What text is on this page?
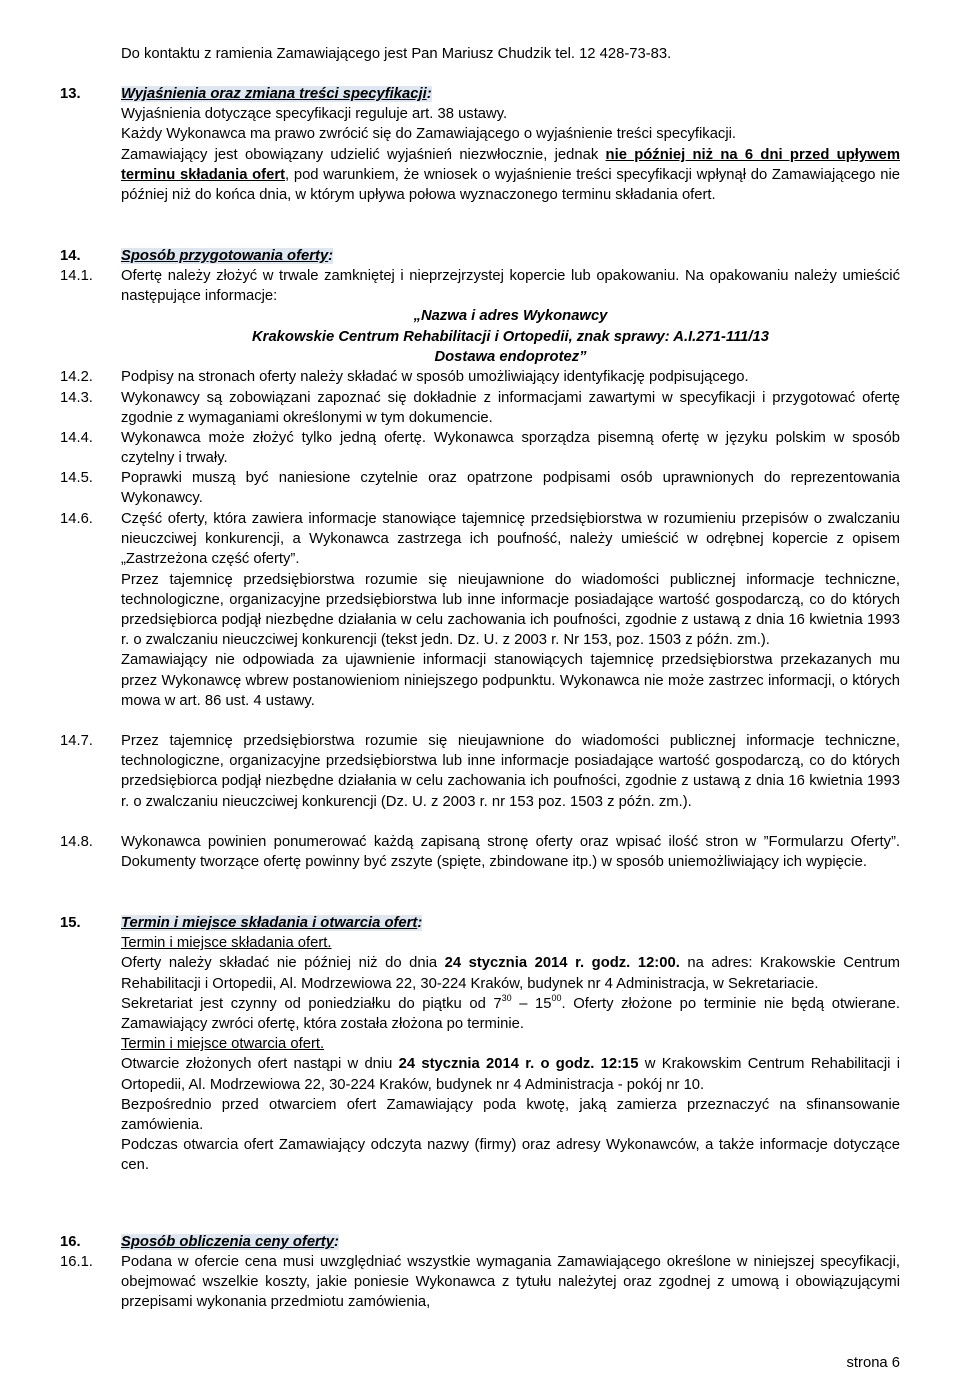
Do kontaktu z ramienia Zamawiającego jest Pan Mariusz Chudzik tel. 12 428-73-83.
13.	Wyjaśnienia oraz zmiana treści specyfikacji:

Wyjaśnienia dotyczące specyfikacji reguluje art. 38 ustawy.

Każdy Wykonawca ma prawo zwrócić się do Zamawiającego o wyjaśnienie treści specyfikacji.

Zamawiający jest obowiązany udzielić wyjaśnień niezwłocznie, jednak nie później niż na 6 dni przed upływem terminu składania ofert, pod warunkiem, że wniosek o wyjaśnienie treści specyfikacji wpłynął do Zamawiającego nie później niż do końca dnia, w którym upływa połowa wyznaczonego terminu składania ofert.

14.	Sposób przygotowania oferty:
14.1.	Ofertę należy złożyć w trwale zamkniętej i nieprzejrzystej kopercie lub opakowaniu. Na opakowaniu należy umieścić następujące informacje:

„Nazwa i adres Wykonawcy

Krakowskie Centrum Rehabilitacji i Ortopedii, znak sprawy: A.I.271-111/13

Dostawa endoprotez”

14.2.	Podpisy na stronach oferty należy składać w sposób umożliwiający identyfikację podpisującego.

14.3.	Wykonawcy są zobowiązani zapoznać się dokładnie z informacjami zawartymi w specyfikacji i przygotować ofertę zgodnie z wymaganiami określonymi w tym dokumencie.

14.4.	Wykonawca może złożyć tylko jedną ofertę. Wykonawca sporządza pisemną ofertę w języku polskim w sposób czytelny i trwały.

14.5.	Poprawki muszą być naniesione czytelnie oraz opatrzone podpisami osób uprawnionych do reprezentowania Wykonawcy.

14.6.	Część oferty, która zawiera informacje stanowiące tajemnicę przedsiębiorstwa w rozumieniu przepisów o zwalczaniu nieuczciwej konkurencji, a Wykonawca zastrzega ich poufność, należy umieścić w odrębnej kopercie z opisem „Zastrzeżona część oferty”.

Przez tajemnicę przedsiębiorstwa rozumie się nieujawnione do wiadomości publicznej informacje techniczne, technologiczne, organizacyjne przedsiębiorstwa lub inne informacje posiadające wartość gospodarczą, co do których przedsiębiorca podjął niezbędne działania w celu zachowania ich poufności, zgodnie z ustawą z dnia 16 kwietnia 1993 r. o zwalczaniu nieuczciwej konkurencji (tekst jedn. Dz. U. z 2003 r. Nr 153, poz. 1503 z późn. zm.).

Zamawiający nie odpowiada za ujawnienie informacji stanowiących tajemnicę przedsiębiorstwa przekazanych mu przez Wykonawcę wbrew postanowieniom niniejszego podpunktu. Wykonawca nie może zastrzec informacji, o których mowa w art. 86 ust. 4 ustawy.

14.7.	Przez tajemnicę przedsiębiorstwa rozumie się nieujawnione do wiadomości publicznej informacje techniczne, technologiczne, organizacyjne przedsiębiorstwa lub inne informacje posiadające wartość gospodarczą, co do których przedsiębiorca podjął niezbędne działania w celu zachowania ich poufności, zgodnie z ustawą z dnia 16 kwietnia 1993 r. o zwalczaniu nieuczciwej konkurencji (Dz. U. z 2003 r. nr 153 poz. 1503 z późn. zm.).

14.8.	Wykonawca powinien ponumerować każdą zapisaną stronę oferty oraz wpisać ilość stron w ”Formularzu Oferty”. Dokumenty tworzące ofertę powinny być zszyte (spięte, zbindowane itp.) w sposób uniemożliwiający ich wypięcie.

15.	Termin i miejsce składania i otwarcia ofert:

Termin i miejsce składania ofert.

Oferty należy składać nie później niż do dnia 24 stycznia 2014 r. godz. 12:00. na adres: Krakowskie Centrum Rehabilitacji i Ortopedii, Al. Modrzewiowa 22, 30-224 Kraków, budynek nr 4 Administracja, w Sekretariacie.

Sekretariat jest czynny od poniedziałku do piątku od $7^{30} - 15^{00}$. Oferty złożone po terminie nie będą otwierane. Zamawiający zwróci ofertę, która została złożona po terminie.

Termin i miejsce otwarcia ofert.

Otwarcie złożonych ofert nastąpi w dniu 24 stycznia 2014 r. o godz. 12:15 w Krakowskim Centrum Rehabilitacji i Ortopedii, Al. Modrzewiowa 22, 30-224 Kraków, budynek nr 4 Administracja - pokój nr 10.

Bezpośrednio przed otwarciem ofert Zamawiający poda kwotę, jaką zamierza przeznaczyć na sfinansowanie zamówienia.

Podczas otwarcia ofert Zamawiający odczyta nazwy (firmy) oraz adresy Wykonawców, a także informacje dotyczące cen.

16.	Sposób obliczenia ceny oferty:
16.1.	Podana w ofercie cena musi uwzględniać wszystkie wymagania Zamawiającego określone w niniejszej specyfikacji, obejmować wszelkie koszty, jakie poniesie Wykonawca z tytułu należytej oraz zgodnej z umową i obowiązującymi przepisami wykonania przedmiotu zamówienia,

strona 6
